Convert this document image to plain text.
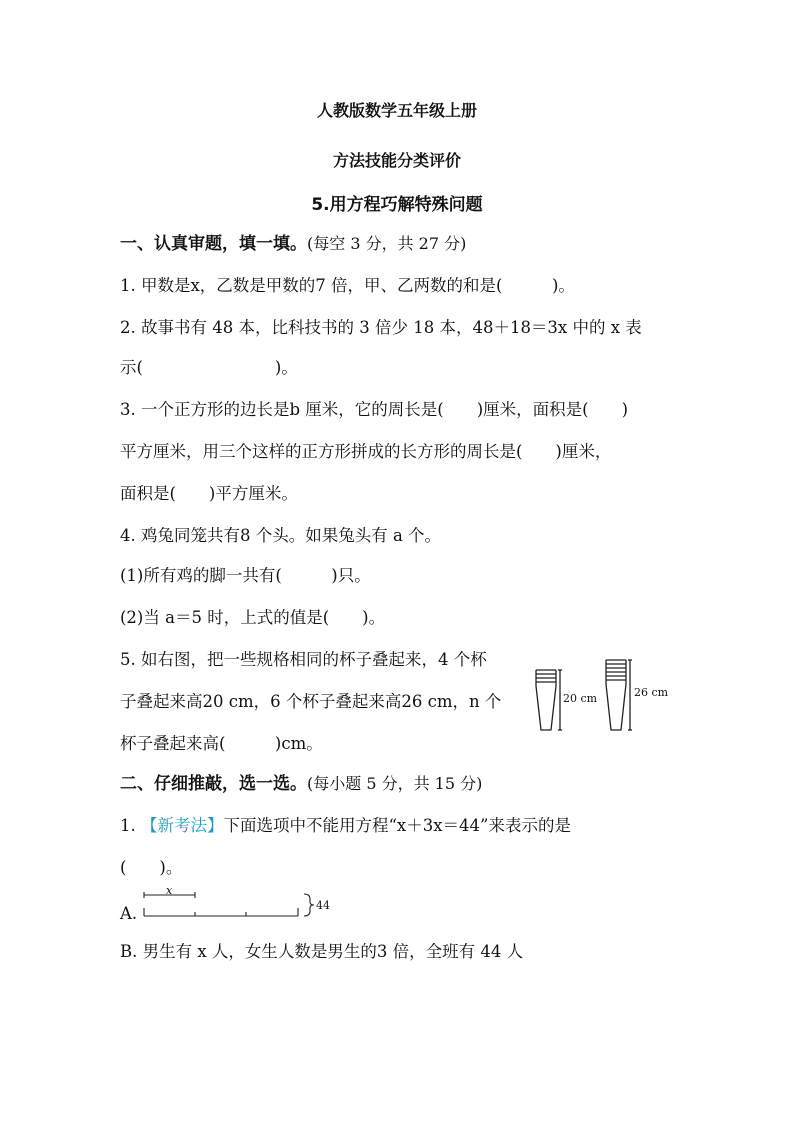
人教版数学五年级上册
方法技能分类评价
5.用方程巧解特殊问题
一、认真审题，填一填。(每空 3 分，共 27 分)
1. 甲数是x，乙数是甲数的7 倍，甲、乙两数的和是(　　　)。
2. 故事书有 48 本，比科技书的 3 倍少 18 本，48＋18＝3x 中的 x 表
示(　　　　　　　　)。
3. 一个正方形的边长是b 厘米，它的周长是(　　)厘米，面积是(　　)
平方厘米，用三个这样的正方形拼成的长方形的周长是(　　)厘米，
面积是(　　)平方厘米。
4. 鸡兔同笼共有8 个头。如果兔头有 a 个。
(1)所有鸡的脚一共有(　　　)只。
(2)当 a＝5 时，上式的值是(　　)。
5. 如右图，把一些规格相同的杯子叠起来，4 个杯
子叠起来高20 cm，6 个杯子叠起来高26 cm，n 个
杯子叠起来高(　　　)cm。
20 cm	26 cm
二、仔细推敲，选一选。(每小题 5 分，共 15 分)
1. 【新考法】下面选项中不能用方程“x＋3x＝44”来表示的是
(　　)。
A.
x
44
B. 男生有 x 人，女生人数是男生的3 倍，全班有 44 人
